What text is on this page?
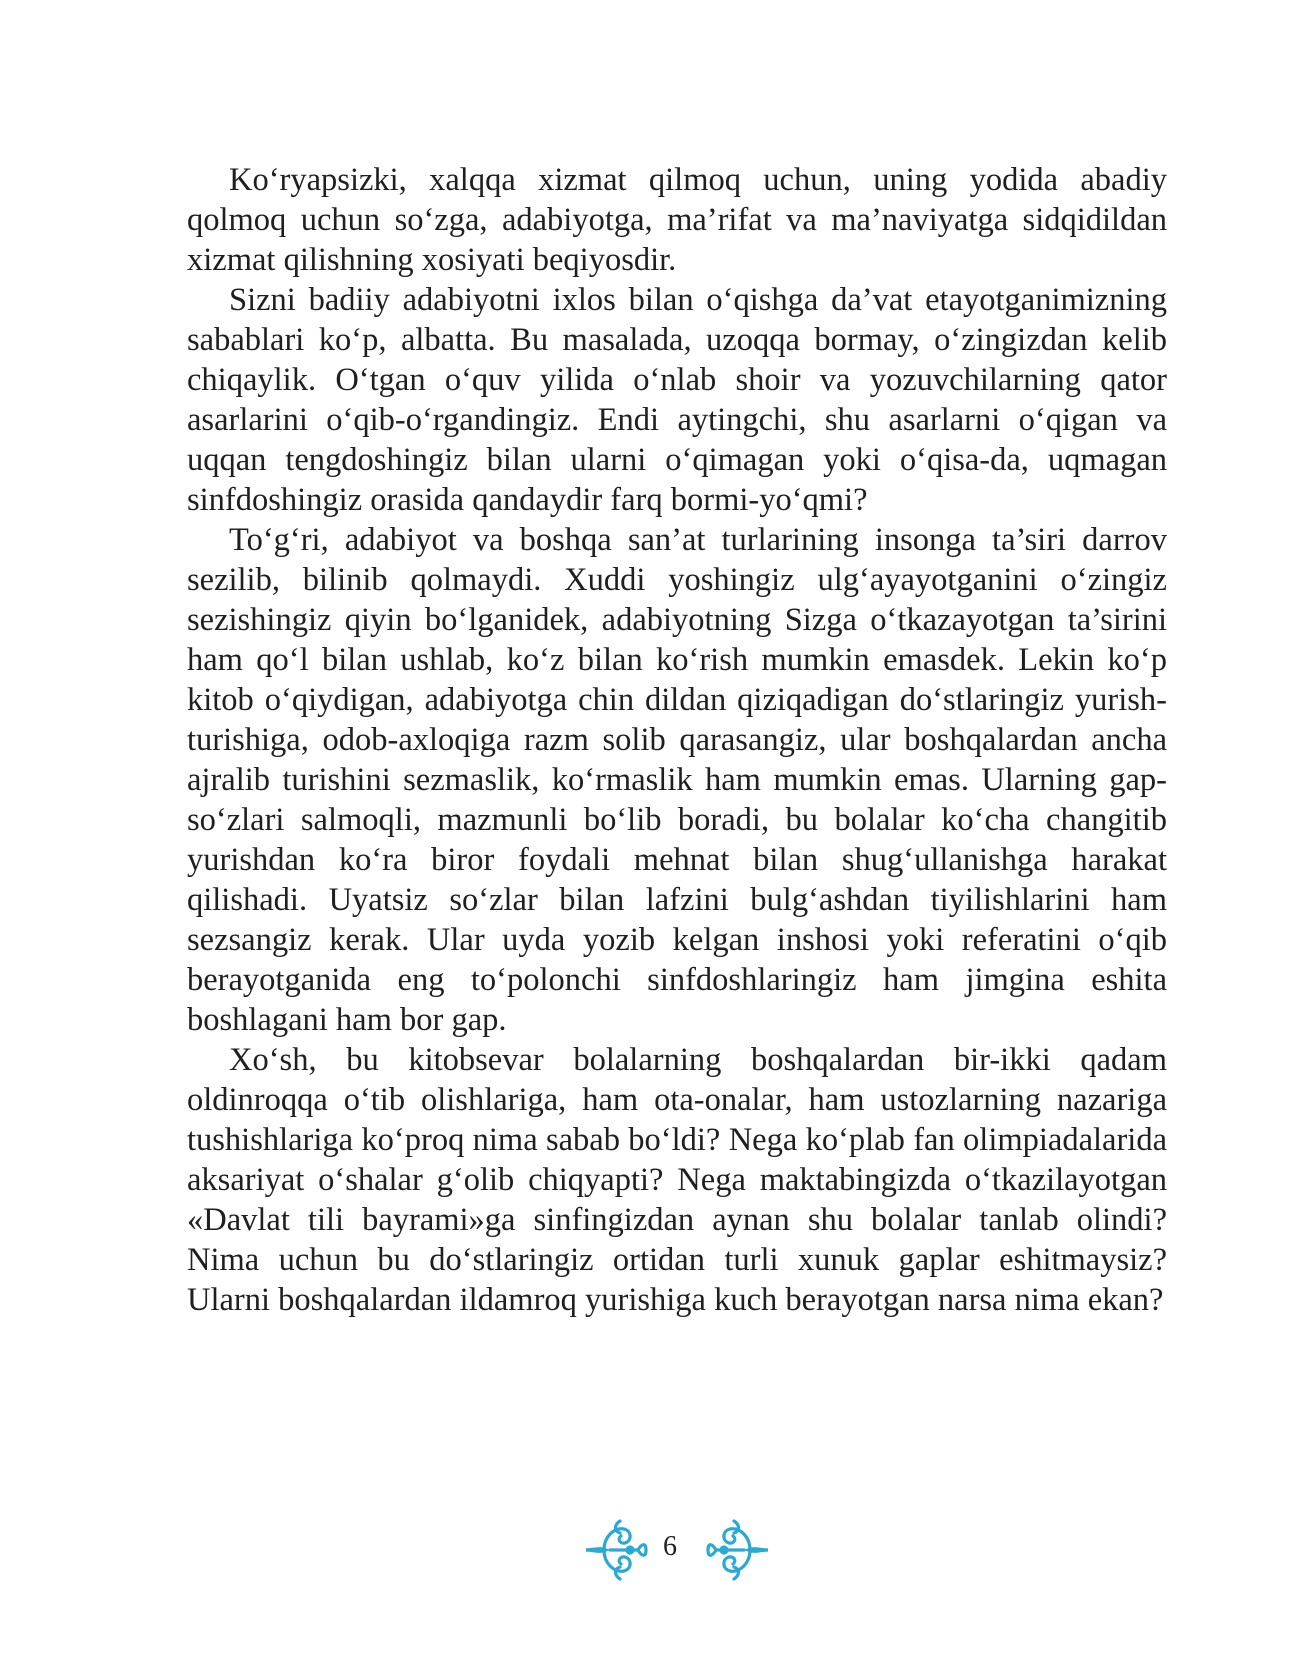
Ko‘ryapsizki, xalqqa xizmat qilmoq uchun, uning yodida abadiy qolmoq uchun so‘zga, adabiyotga, ma’rifat va ma’naviyatga sidqidildan xizmat qilishning xosiyati beqiyosdir.

Sizni badiiy adabiyotni ixlos bilan o‘qishga da’vat etayotganimizning sabablari ko‘p, albatta. Bu masalada, uzoqqa bormay, o‘zingizdan kelib chiqaylik. O‘tgan o‘quv yilida o‘nlab shoir va yozuvchilarning qator asarlarini o‘qib-o‘rgandingiz. Endi aytingchi, shu asarlarni o‘qigan va uqqan tengdoshingiz bilan ularni o‘qimagan yoki o‘qisa-da, uqmagan sinfdoshingiz orasida qandaydir farq bormi-yo‘qmi?

To‘g‘ri, adabiyot va boshqa san’at turlarining insonga ta’siri darrov sezilib, bilinib qolmaydi. Xuddi yoshingiz ulg‘ayayotganini o‘zingiz sezishingiz qiyin bo‘lganidek, adabiyotning Sizga o‘tkazayotgan ta’sirini ham qo‘l bilan ushlab, ko‘z bilan ko‘rish mumkin emasdek. Lekin ko‘p kitob o‘qiydigan, adabiyotga chin dildan qiziqadigan do‘stlaringiz yurish-turishiga, odob-axloqiga razm solib qarasangiz, ular boshqalardan ancha ajralib turishini sezmaslik, ko‘rmaslik ham mumkin emas. Ularning gap-so‘zlari salmoqli, mazmunli bo‘lib boradi, bu bolalar ko‘cha changitib yurishdan ko‘ra biror foydali mehnat bilan shug‘ullanishga harakat qilishadi. Uyatsiz so‘zlar bilan lafzini bulg‘ashdan tiyilishlarini ham sezsangiz kerak. Ular uyda yozib kelgan inshosi yoki referatini o‘qib berayotganida eng to‘polonchi sinfdoshlaringiz ham jimgina eshita boshlagani ham bor gap.

Xo‘sh, bu kitobsevar bolalarning boshqalardan bir-ikki qadam oldinroqqa o‘tib olishlariga, ham ota-onalar, ham ustozlarning nazariga tushishlariga ko‘proq nima sabab bo‘ldi? Nega ko‘plab fan olimpiadalarida aksariyat o‘shalar g‘olib chiqyapti? Nega maktabingizda o‘tkazilayotgan «Davlat tili bayrami»ga sinfingizdan aynan shu bolalar tanlab olindi? Nima uchun bu do‘stlaringiz ortidan turli xunuk gaplar eshitmaysiz? Ularni boshqalardan ildamroq yurishiga kuch berayotgan narsa nima ekan?

6
